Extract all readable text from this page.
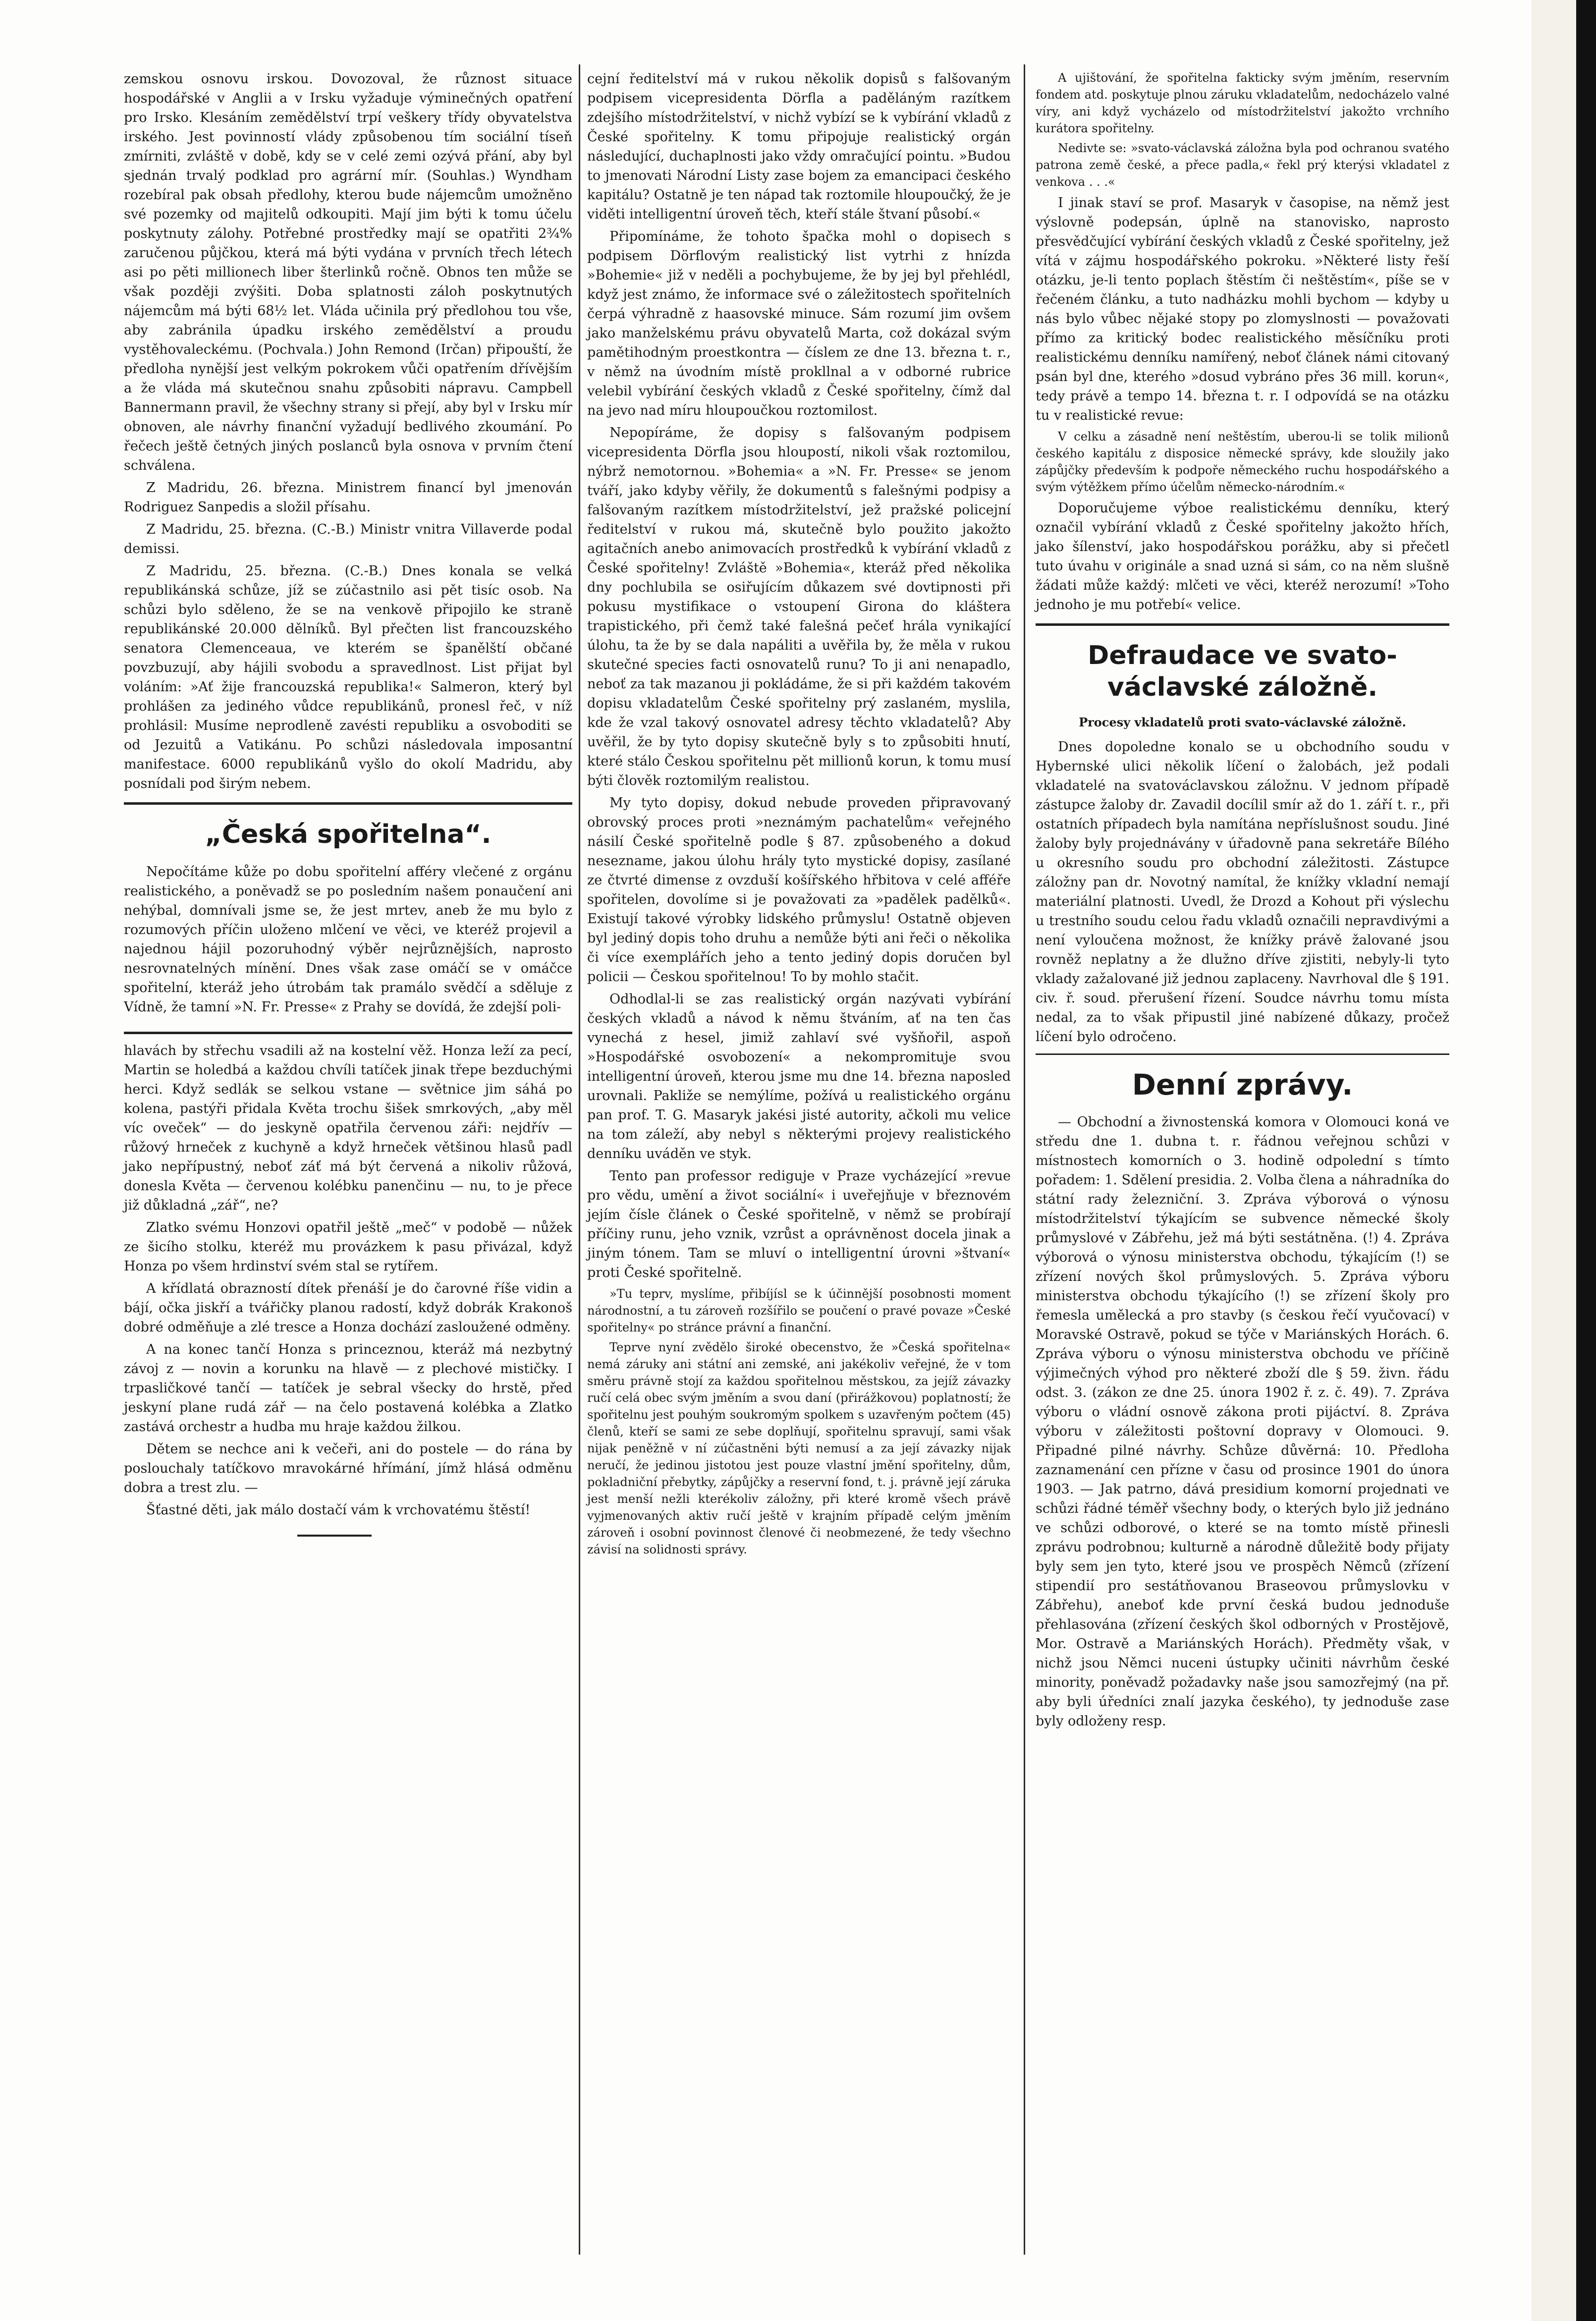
zemskou osnovu irskou. Dovozoval, že různost situace hospodářské v Anglii a v Irsku vyžaduje výminečných opatření pro Irsko. Klesáním zemědělství trpí veškery třídy obyvatelstva irského. Jest povinností vlády způsobenou tím sociální tíseň zmírniti, zvláště v době, kdy se v celé zemi ozývá přání, aby byl sjednán trvalý podklad pro agrární mír. (Souhlas.) Wyndham rozebíral pak obsah předlohy, kterou bude nájemcům umožněno své pozemky od majitelů odkoupiti. Mají jim býti k tomu účelu poskytnuty zálohy. Potřebné prostředky mají se opatřiti 2¾% zaručenou půjčkou, která má býti vydána v prvních třech létech asi po pěti millionech liber šterlinků ročně. Obnos ten může se však později zvýšiti. Doba splatnosti záloh poskytnutých nájemcům má býti 68½ let. Vláda učinila prý předlohou tou vše, aby zabránila úpadku irského zemědělství a proudu vystěhovaleckému. (Pochvala.) John Remond (Irčan) připouští, že předloha nynější jest velkým pokrokem vůči opatřením dřívějším a že vláda má skutečnou snahu způsobiti nápravu. Campbell Bannermann pravil, že všechny strany si přejí, aby byl v Irsku mír obnoven, ale návrhy finanční vyžadují bedlivého zkoumání. Po řečech ještě četných jiných poslanců byla osnova v prvním čtení schválena.

Z Madridu, 26. března. Ministrem financí byl jmenován Rodriguez Sanpedis a složil přísahu.

Z Madridu, 25. března. (C.-B.) Ministr vnitra Villaverde podal demissi.

Z Madridu, 25. března. (C.-B.) Dnes konala se velká republikánská schůze, jíž se zúčastnilo asi pět tisíc osob. Na schůzi bylo sděleno, že se na venkově připojilo ke straně republikánské 20.000 dělníků. Byl přečten list francouzského senatora Clemenceaua, ve kterém se španělští občané povzbuzují, aby hájili svobodu a spravedlnost. List přijat byl voláním: »Ať žije francouzská republika!« Salmeron, který byl prohlášen za jediného vůdce republikánů, pronesl řeč, v níž prohlásil: Musíme neprodleně zavésti republiku a osvoboditi se od Jezuitů a Vatikánu. Po schůzi následovala imposantní manifestace. 6000 republikánů vyšlo do okolí Madridu, aby posnídali pod širým nebem.

„Česká spořitelna“.

Nepočítáme kůže po dobu spořitelní afféry vlečené z orgánu realistického, a poněvadž se po posledním našem ponaučení ani nehýbal, domnívali jsme se, že jest mrtev, aneb že mu bylo z rozumových příčin uloženo mlčení ve věci, ve kteréž projevil a najednou hájil pozoruhodný výběr nejrůznějších, naprosto nesrovnatelných mínění. Dnes však zase omáčí se v omáčce spořitelní, kteráž jeho útrobám tak pramálo svědčí a sděluje z Vídně, že tamní »N. Fr. Presse« z Prahy se dovídá, že zdejší poli-

hlavách by střechu vsadili až na kostelní věž. Honza leží za pecí, Martin se holedbá a každou chvíli tatíček jinak třepe bezduchými herci. Když sedlák se selkou vstane — světnice jim sáhá po kolena, pastýři přidala Květa trochu šišek smrkových, „aby měl víc oveček“ — do jeskyně opatřila červenou záři: nejdřív — růžový hrneček z kuchyně a když hrneček většinou hlasů padl jako nepřípustný, neboť záť má být červená a nikoliv růžová, donesla Květa — červenou kolébku panenčinu — nu, to je přece již důkladná „zář“, ne?

Zlatko svému Honzovi opatřil ještě „meč“ v podobě — nůžek ze šicího stolku, kteréž mu provázkem k pasu přivázal, když Honza po všem hrdinství svém stal se rytířem.

A křídlatá obrazností dítek přenáší je do čarovné říše vidin a bájí, očka jiskří a tvářičky planou radostí, když dobrák Krakonoš dobré odměňuje a zlé tresce a Honza dochází zasloužené odměny.

A na konec tančí Honza s princeznou, kteráž má nezbytný závoj z — novin a korunku na hlavě — z plechové mističky. I trpasličkové tančí — tatíček je sebral všecky do hrstě, před jeskyní plane rudá zář — na čelo postavená kolébka a Zlatko zastává orchestr a hudba mu hraje každou žilkou.

Dětem se nechce ani k večeři, ani do postele — do rána by poslouchaly tatíčkovo mravokárné hřímání, jímž hlásá odměnu dobra a trest zlu. —

Šťastné děti, jak málo dostačí vám k vrchovatému štěstí!

cejní ředitelství má v rukou několik dopisů s falšovaným podpisem vicepresidenta Dörfla a paděláným razítkem zdejšího místodržitelství, v nichž vybízí se k vybírání vkladů z České spořitelny. K tomu připojuje realistický orgán následující, duchaplnosti jako vždy omračující pointu. »Budou to jmenovati Národní Listy zase bojem za emancipaci českého kapitálu? Ostatně je ten nápad tak roztomile hloupoučký, že je viděti intelligentní úroveň těch, kteří stále štvaní působí.«

Připomínáme, že tohoto špačka mohl o dopisech s podpisem Dörflovým realistický list vytrhi z hnízda »Bohemie« již v neděli a pochybujeme, že by jej byl přehlédl, když jest známo, že informace své o záležitostech spořitelních čerpá výhradně z haasovské minuce. Sám rozumí jim ovšem jako manželskému právu obyvatelů Marta, což dokázal svým pamětihodným proestkontra — číslem ze dne 13. března t. r., v němž na úvodním místě prokllnal a v odborné rubrice velebil vybírání českých vkladů z České spořitelny, čímž dal na jevo nad míru hloupoučkou roztomilost.

Nepopíráme, že dopisy s falšovaným podpisem vicepresidenta Dörfla jsou hloupostí, nikoli však roztomilou, nýbrž nemotornou. »Bohemia« a »N. Fr. Presse« se jenom tváří, jako kdyby věřily, že dokumentů s falešnými podpisy a falšovaným razítkem místodržitelství, jež pražské policejní ředitelství v rukou má, skutečně bylo použito jakožto agitačních anebo animovacích prostředků k vybírání vkladů z České spořitelny! Zvláště »Bohemia«, kteráž před několika dny pochlubila se osiřujícím důkazem své dovtipnosti při pokusu mystifikace o vstoupení Girona do kláštera trapistického, při čemž také falešná pečeť hrála vynikající úlohu, ta že by se dala napáliti a uvěřila by, že měla v rukou skutečné species facti osnovatelů runu? To ji ani nenapadlo, neboť za tak mazanou ji pokládáme, že si při každém takovém dopisu vkladatelům České spořitelny prý zaslaném, myslila, kde že vzal takový osnovatel adresy těchto vkladatelů? Aby uvěřil, že by tyto dopisy skutečně byly s to způsobiti hnutí, které stálo Českou spořitelnu pět millionů korun, k tomu musí býti člověk roztomilým realistou.

My tyto dopisy, dokud nebude proveden připravovaný obrovský proces proti »neznámým pachatelům« veřejného násilí České spořitelně podle § 87. způsobeného a dokud nesezname, jakou úlohu hrály tyto mystické dopisy, zasílané ze čtvrté dimense z ovzduší košířského hřbitova v celé afféře spořitelen, dovolíme si je považovati za »padělek padělků«. Existují takové výrobky lidského průmyslu! Ostatně objeven byl jediný dopis toho druhu a nemůže býti ani řeči o několika či více exemplářích jeho a tento jediný dopis doručen byl policii — Českou spořitelnou! To by mohlo stačit.

Odhodlal-li se zas realistický orgán nazývati vybírání českých vkladů a návod k němu štváním, ať na ten čas vynechá z hesel, jimiž zahlaví své vyšňořil, aspoň »Hospodářské osvobození« a nekompromituje svou intelligentní úroveň, kterou jsme mu dne 14. března naposled urovnali. Pakliže se nemýlíme, požívá u realistického orgánu pan prof. T. G. Masaryk jakési jisté autority, ačkoli mu velice na tom záleží, aby nebyl s některými projevy realistického denníku uváděn ve styk.

Tento pan professor rediguje v Praze vycházející »revue pro vědu, umění a život sociální« i uveřejňuje v březnovém jejím čísle článek o České spořitelně, v němž se probírají příčiny runu, jeho vznik, vzrůst a oprávněnost docela jinak a jiným tónem. Tam se mluví o intelligentní úrovni »štvaní« proti České spořitelně.

»Tu teprv, myslíme, přibíjísl se k účinnější posobnosti moment národnostní, a tu zároveň rozšířilo se poučení o pravé povaze »České spořitelny« po stránce právní a finanční.

Teprve nyní zvědělo široké obecenstvo, že »Česká spořitelna« nemá záruky ani státní ani zemské, ani jakékoliv veřejné, že v tom směru právně stojí za každou spořitelnou městskou, za jejíž závazky ručí celá obec svým jměním a svou daní (přirážkovou) poplatností; že spořitelnu jest pouhým soukromým spolkem s uzavřeným počtem (45) členů, kteří se sami ze sebe doplňují, spořitelnu spravují, sami však nijak peněžně v ní zúčastněni býti nemusí a za její závazky nijak neručí, že jedinou jistotou jest pouze vlastní jmění spořitelny, dům, pokladniční přebytky, zápůjčky a reservní fond, t. j. právně její záruka jest menší nežli kterékoliv záložny, při které kromě všech právě vyjmenovaných aktiv ručí ještě v krajním případě celým jměním zároveň i osobní povinnost členové či neobmezené, že tedy všechno závisí na solidnosti správy.

A ujištování, že spořitelna fakticky svým jměním, reservním fondem atd. poskytuje plnou záruku vkladatelům, nedocházelo valné víry, ani když vycházelo od místodržitelství jakožto vrchního kurátora spořitelny.

Nedivte se: »svato-václavská záložna byla pod ochranou svatého patrona země české, a přece padla,« řekl prý kterýsi vkladatel z venkova . . .«

I jinak staví se prof. Masaryk v časopise, na němž jest výslovně podepsán, úplně na stanovisko, naprosto přesvědčující vybírání českých vkladů z České spořitelny, jež vítá v zájmu hospodářského pokroku. »Některé listy řeší otázku, je-li tento poplach štěstím či neštěstím«, píše se v řečeném článku, a tuto nadházku mohli bychom — kdyby u nás bylo vůbec nějaké stopy po zlomyslnosti — považovati přímo za kritický bodec realistického měsíčníku proti realistickému denníku namířený, neboť článek námi citovaný psán byl dne, kterého »dosud vybráno přes 36 mill. korun«, tedy právě a tempo 14. března t. r. I odpovídá se na otázku tu v realistické revue:

V celku a zásadně není neštěstím, uberou-li se tolik milionů českého kapitálu z disposice německé správy, kde sloužily jako zápůjčky především k podpoře německého ruchu hospodářského a svým výtěžkem přímo účelům německo-národním.«

Doporučujeme výboe realistickému denníku, který označil vybírání vkladů z České spořitelny jakožto hřích, jako šílenství, jako hospodářskou porážku, aby si přečetl tuto úvahu v originále a snad uzná si sám, co na něm slušně žádati může každý: mlčeti ve věci, kteréž nerozumí! »Toho jednoho je mu potřebí« velice.

Defraudace ve svato-václavské záložně.
Procesy vkladatelů proti svato-václavské záložně.

Dnes dopoledne konalo se u obchodního soudu v Hybernské ulici několik líčení o žalobách, jež podali vkladatelé na svatováclavskou záložnu. V jednom případě zástupce žaloby dr. Zavadil docílil smír až do 1. září t. r., při ostatních případech byla namítána nepříslušnost soudu. Jiné žaloby byly projednávány v úřadovně pana sekretáře Bílého u okresního soudu pro obchodní záležitosti. Zástupce záložny pan dr. Novotný namítal, že knížky vkladní nemají materiální platnosti. Uvedl, že Drozd a Kohout při výslechu u trestního soudu celou řadu vkladů označili nepravdivými a není vyloučena možnost, že knížky právě žalované jsou rovněž neplatny a že dlužno dříve zjistiti, nebyly-li tyto vklady zažalované již jednou zaplaceny. Navrhoval dle § 191. civ. ř. soud. přerušení řízení. Soudce návrhu tomu místa nedal, za to však připustil jiné nabízené důkazy, pročež líčení bylo odročeno.

Denní zprávy.

— Obchodní a živnostenská komora v Olomouci koná ve středu dne 1. dubna t. r. řádnou veřejnou schůzi v místnostech komorních o 3. hodině odpolední s tímto pořadem: 1. Sdělení presidia. 2. Volba člena a náhradníka do státní rady železniční. 3. Zpráva výborová o výnosu místodržitelství týkajícím se subvence německé školy průmyslové v Zábřehu, jež má býti sestátněna. (!) 4. Zpráva výborová o výnosu ministerstva obchodu, týkajícím (!) se zřízení nových škol průmyslových. 5. Zpráva výboru ministerstva obchodu týkajícího (!) se zřízení školy pro řemesla umělecká a pro stavby (s českou řečí vyučovací) v Moravské Ostravě, pokud se týče v Mariánských Horách. 6. Zpráva výboru o výnosu ministerstva obchodu ve příčině výjimečných výhod pro některé zboží dle § 59. živn. řádu odst. 3. (zákon ze dne 25. února 1902 ř. z. č. 49). 7. Zpráva výboru o vládní osnově zákona proti pijáctví. 8. Zpráva výboru v záležitosti poštovní dopravy v Olomouci. 9. Připadné pilné návrhy. Schůze důvěrná: 10. Předloha zaznamenání cen přízne v času od prosince 1901 do února 1903. — Jak patrno, dává presidium komorní projednati ve schůzi řádné téměř všechny body, o kterých bylo již jednáno ve schůzi odborové, o které se na tomto místě přinesli zprávu podrobnou; kulturně a národně důležitě body přijaty byly sem jen tyto, které jsou ve prospěch Němců (zřízení stipendií pro sestátňovanou Braseovou průmyslovku v Zábřehu), aneboť kde první česká budou jednoduše přehlasována (zřízení českých škol odborných v Prostějově, Mor. Ostravě a Mariánských Horách). Předměty však, v nichž jsou Němci nuceni ústupky učiniti návrhům české minority, poněvadž požadavky naše jsou samozřejmý (na př. aby byli úředníci znalí jazyka českého), ty jednoduše zase byly odloženy resp.
